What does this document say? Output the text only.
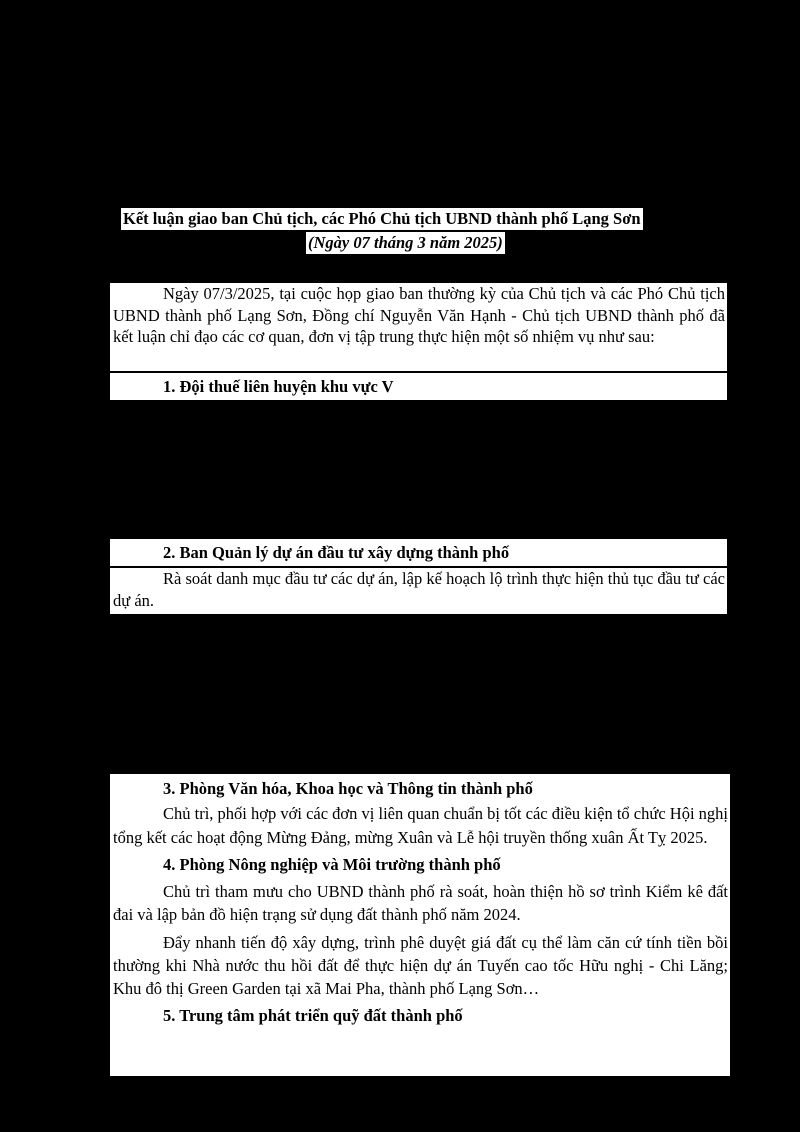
Kết luận giao ban Chủ tịch, các Phó Chủ tịch UBND thành phố Lạng Sơn
(Ngày 07 tháng 3 năm 2025)

Ngày 07/3/2025, tại cuộc họp giao ban thường kỳ của Chủ tịch và các Phó Chủ tịch UBND thành phố Lạng Sơn, Đồng chí Nguyễn Văn Hạnh - Chủ tịch UBND thành phố đã kết luận chỉ đạo các cơ quan, đơn vị tập trung thực hiện một số nhiệm vụ như sau:

1. Đội thuế liên huyện khu vực V

2. Ban Quản lý dự án đầu tư xây dựng thành phố

Rà soát danh mục đầu tư các dự án, lập kế hoạch lộ trình thực hiện thủ tục đầu tư các dự án.

3. Phòng Văn hóa, Khoa học và Thông tin thành phố

Chủ trì, phối hợp với các đơn vị liên quan chuẩn bị tốt các điều kiện tổ chức Hội nghị tổng kết các hoạt động Mừng Đảng, mừng Xuân và Lễ hội truyền thống xuân Ất Tỵ 2025.

4. Phòng Nông nghiệp và Môi trường thành phố

Chủ trì tham mưu cho UBND thành phố rà soát, hoàn thiện hồ sơ trình Kiểm kê đất đai và lập bản đồ hiện trạng sử dụng đất thành phố năm 2024.

Đẩy nhanh tiến độ xây dựng, trình phê duyệt giá đất cụ thể làm căn cứ tính tiền bồi thường khi Nhà nước thu hồi đất để thực hiện dự án Tuyến cao tốc Hữu nghị - Chi Lăng; Khu đô thị Green Garden tại xã Mai Pha, thành phố Lạng Sơn…

5. Trung tâm phát triển quỹ đất thành phố
